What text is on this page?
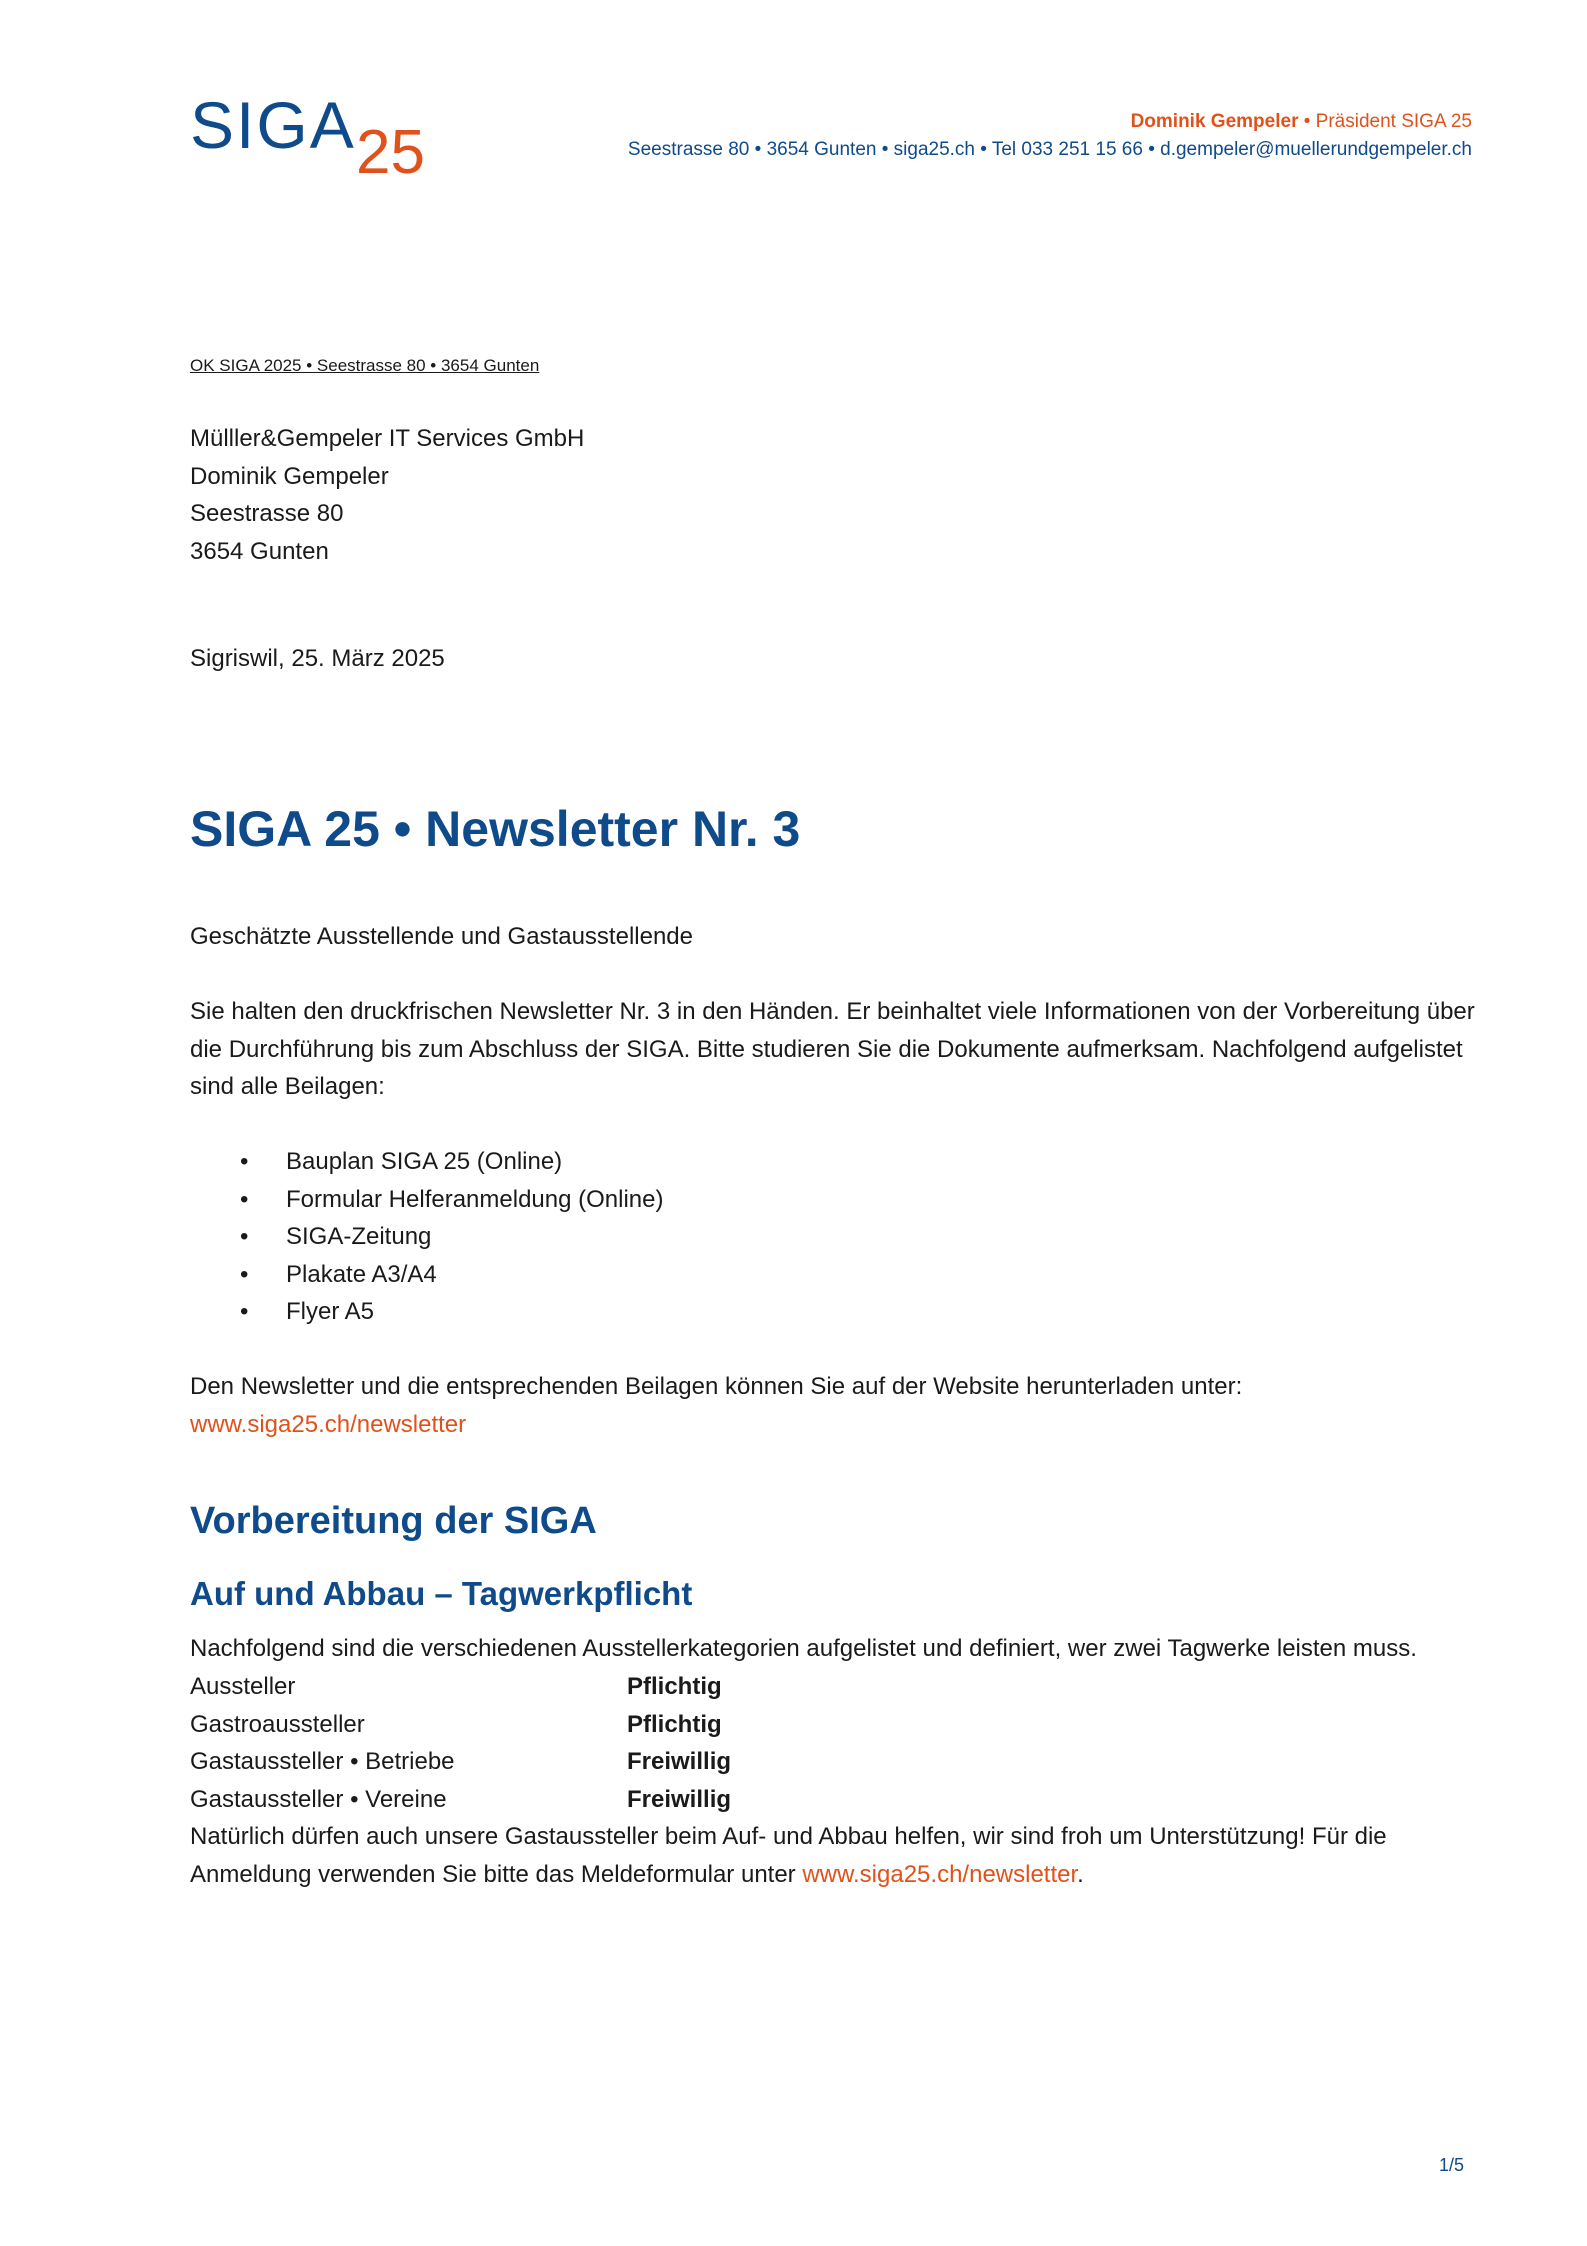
SIGA 25	Dominik Gempeler • Präsident SIGA 25
Seestrasse 80 • 3654 Gunten • siga25.ch • Tel 033 251 15 66 • d.gempeler@muellerundgempeler.ch
OK SIGA 2025 • Seestrasse 80 • 3654 Gunten
Mülller&Gempeler IT Services GmbH
Dominik Gempeler
Seestrasse 80
3654 Gunten
Sigriswil, 25. März 2025
SIGA 25 • Newsletter Nr. 3
Geschätzte Ausstellende und Gastausstellende
Sie halten den druckfrischen Newsletter Nr. 3 in den Händen. Er beinhaltet viele Informationen von der Vorbereitung über die Durchführung bis zum Abschluss der SIGA. Bitte studieren Sie die Dokumente aufmerksam. Nachfolgend aufgelistet sind alle Beilagen:
• Bauplan SIGA 25 (Online)
• Formular Helferanmeldung (Online)
• SIGA-Zeitung
• Plakate A3/A4
• Flyer A5
Den Newsletter und die entsprechenden Beilagen können Sie auf der Website herunterladen unter:
www.siga25.ch/newsletter
Vorbereitung der SIGA
Auf und Abbau – Tagwerkpflicht
Nachfolgend sind die verschiedenen Ausstellerkategorien aufgelistet und definiert, wer zwei Tagwerke leisten muss.
Aussteller	Pflichtig
Gastroaussteller	Pflichtig
Gastaussteller • Betriebe	Freiwillig
Gastaussteller • Vereine	Freiwillig
Natürlich dürfen auch unsere Gastaussteller beim Auf- und Abbau helfen, wir sind froh um Unterstützung! Für die Anmeldung verwenden Sie bitte das Meldeformular unter www.siga25.ch/newsletter.
1/5
